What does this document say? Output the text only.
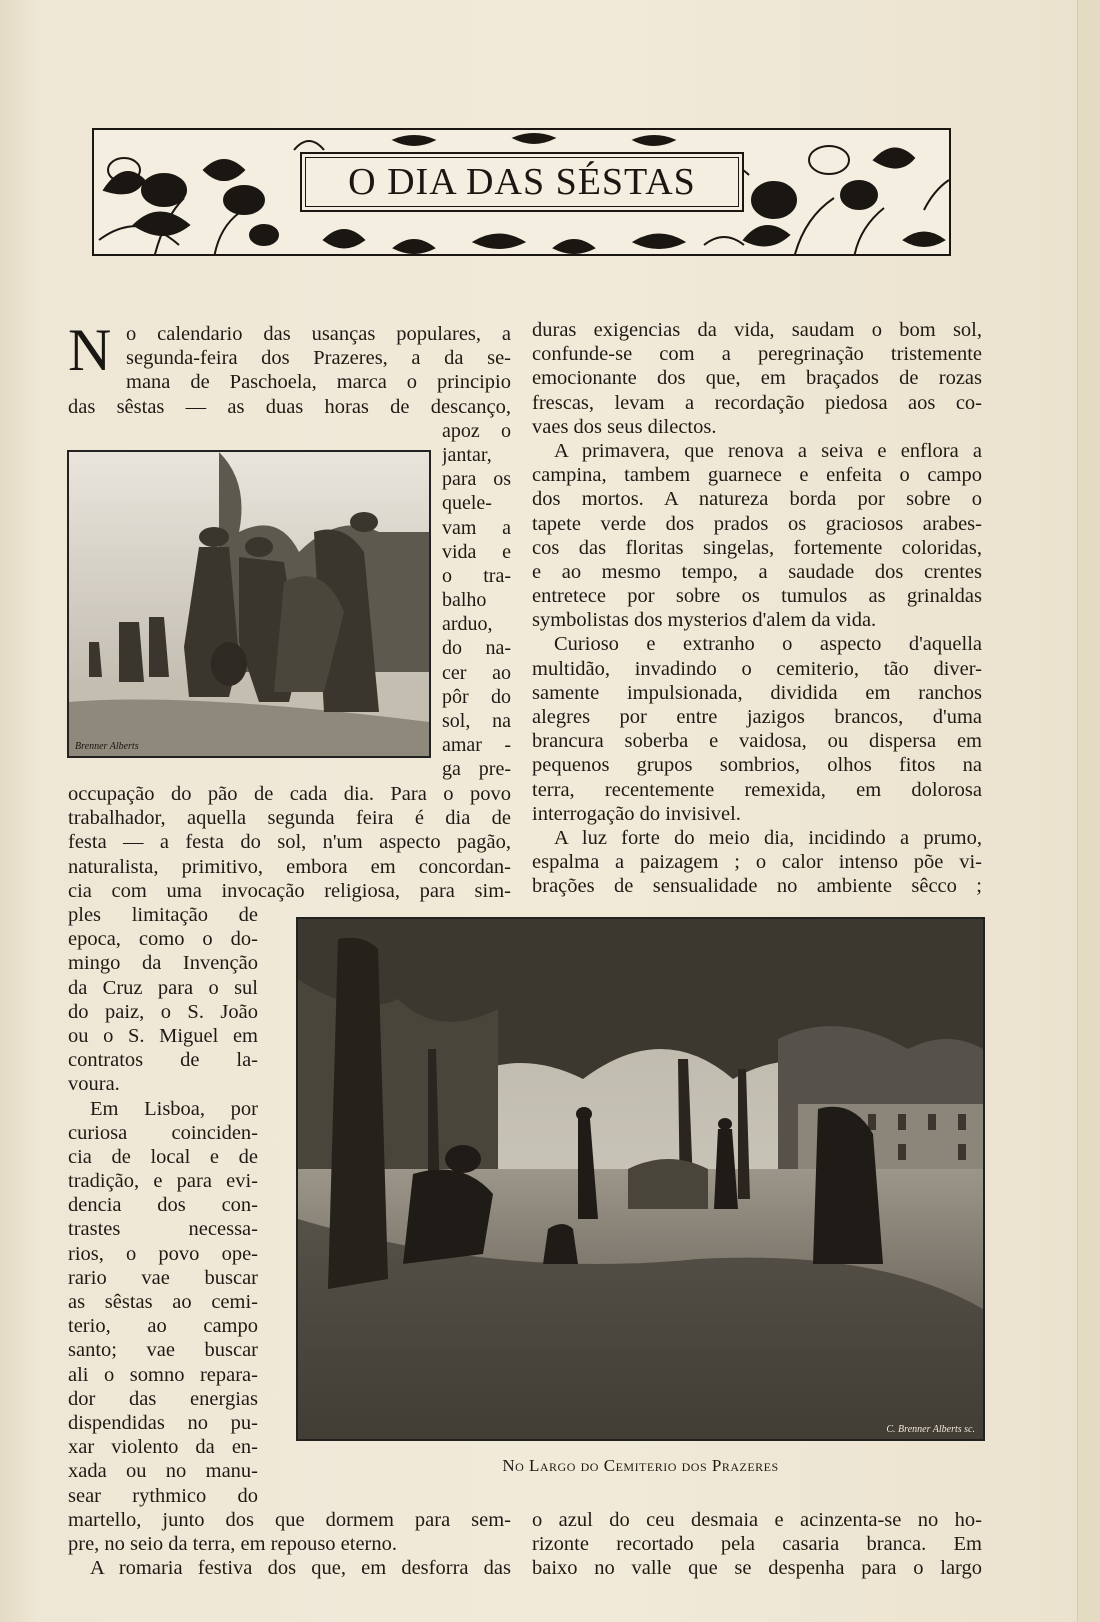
O DIA DAS SÉSTAS
N o calendario das usanças populares, a
segunda-feira dos Prazeres, a da se-
mana de Paschoela, marca o principio
das sêstas — as duas horas de descanço,
apoz o
jantar,
para os
quele-
vam a
vida e
o tra-
balho
arduo,
do na-
cer ao
pôr do
sol, na
amar -
ga pre-
Brenner Alberts
occupação do pão de cada dia. Para o povo
trabalhador, aquella segunda feira é dia de
festa — a festa do sol, n'um aspecto pagão,
naturalista, primitivo, embora em concordan-
cia com uma invocação religiosa, para sim-
ples limitação de
epoca, como o do-
mingo da Invenção
da Cruz para o sul
do paiz, o S. João
ou o S. Miguel em
contratos de la-
voura.
Em Lisboa, por
curiosa coinciden-
cia de local e de
tradição, e para evi-
dencia dos con-
trastes necessa-
rios, o povo ope-
rario vae buscar
as sêstas ao cemi-
terio, ao campo
santo; vae buscar
ali o somno repara-
dor das energias
dispendidas no pu-
xar violento da en-
xada ou no manu-
sear rythmico do
martello, junto dos que dormem para sem-
pre, no seio da terra, em repouso eterno.
A romaria festiva dos que, em desforra das
duras exigencias da vida, saudam o bom sol,
confunde-se com a peregrinação tristemente
emocionante dos que, em braçados de rozas
frescas, levam a recordação piedosa aos co-
vaes dos seus dilectos.
A primavera, que renova a seiva e enflora a
campina, tambem guarnece e enfeita o campo
dos mortos. A natureza borda por sobre o
tapete verde dos prados os graciosos arabes-
cos das floritas singelas, fortemente coloridas,
e ao mesmo tempo, a saudade dos crentes
entretece por sobre os tumulos as grinaldas
symbolistas dos mysterios d'alem da vida.
Curioso e extranho o aspecto d'aquella
multidão, invadindo o cemiterio, tão diver-
samente impulsionada, dividida em ranchos
alegres por entre jazigos brancos, d'uma
brancura soberba e vaidosa, ou dispersa em
pequenos grupos sombrios, olhos fitos na
terra, recentemente remexida, em dolorosa
interrogação do invisivel.
A luz forte do meio dia, incidindo a prumo,
espalma a paizagem ; o calor intenso põe vi-
brações de sensualidade no ambiente sêcco ;
C. Brenner Alberts sc.
No Largo do Cemiterio dos Prazeres
o azul do ceu desmaia e acinzenta-se no ho-
rizonte recortado pela casaria branca. Em
baixo no valle que se despenha para o largo
